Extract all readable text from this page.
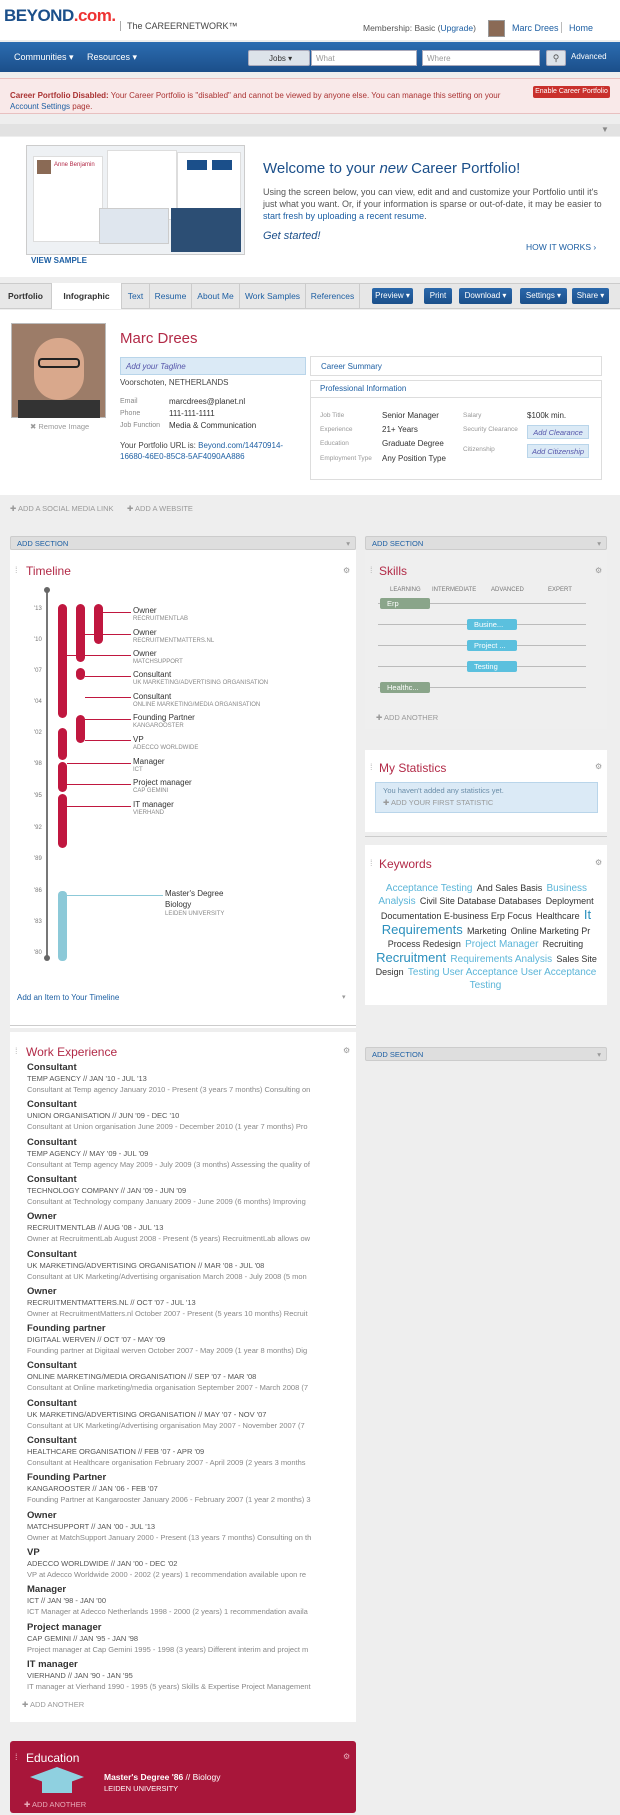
BEYOND.com.
The CAREERNETWORK™	Membership: Basic (Upgrade)	Marc Drees Home
Communities ▾ Resources ▾	Jobs ▾	What	Where	⚲	Advanced
Career Portfolio Disabled: Your Career Portfolio is "disabled" and cannot be viewed by anyone else. You can manage this setting on your Account Settings page.
Enable Career Portfolio
▼
Anne Benjamin
VIEW SAMPLE
Welcome to your new Career Portfolio!
Using the screen below, you can view, edit and and customize your Portfolio until it's just what you want. Or, if your information is sparse or out-of-date, it may be easier to start fresh by uploading a recent resume.
Get started!
HOW IT WORKS ›
Portfolio	Infographic	Text	Resume	About Me	Work Samples	References	Preview ▾	Print	Download ▾	Settings ▾	Share ▾
✖ Remove Image
Marc Drees
Add your Tagline
Voorschoten, NETHERLANDS
Email	marcdrees@planet.nl
Phone	111-111-1111
Job Function Media & Communication
Your Portfolio URL is: Beyond.com/14470914-16680-46E0-85C8-5AF4090AA886
Career Summary
Professional Information
Job Title	Senior Manager
Experience	21+ Years
Education	Graduate Degree
Employment Type Any Position Type
Salary	$100k min.
Security Clearance	Add Clearance
Citizenship	Add Citizenship
✚ ADD A SOCIAL MEDIA LINK ✚ ADD A WEBSITE
ADD SECTION	▾	ADD SECTION	▾
⁞ Timeline	⚙
'13
'10
'07
'04
'02
'98
'95
'92
'89
'86
'83
'80
Owner
RECRUITMENTLAB
Owner
RECRUITMENTMATTERS.NL
Owner
MATCHSUPPORT
Consultant
UK MARKETING/ADVERTISING ORGANISATION
Consultant
ONLINE MARKETING/MEDIA ORGANISATION
Founding Partner
KANGAROOSTER
VP
ADECCO WORLDWIDE
Manager
ICT
Project manager
CAP GEMINI
IT manager
VIERHAND
Master's Degree
Biology
LEIDEN UNIVERSITY
Add an Item to Your Timeline	▾
⁞ Skills	⚙
LEARNING INTERMEDIATE ADVANCED	EXPERT
Erp
Busine...
Project ...
Testing
Healthc...
✚ ADD ANOTHER
⁞ My Statistics	⚙
You haven't added any statistics yet.
✚ ADD YOUR FIRST STATISTIC
⁞ Keywords	⚙
Acceptance Testing And Sales Basis Business Analysis Civil Site Database Databases Deployment Documentation E-business Erp Focus Healthcare It Requirements Marketing Online Marketing Pr Process Redesign Project Manager Recruiting Recruitment Requirements Analysis Sales Site Design Testing User Acceptance User Acceptance Testing
ADD SECTION	▾
⁞ Work Experience	⚙
✚ ADD ANOTHER
⁞ Education	⚙
Master's Degree '86 // Biology
LEIDEN UNIVERSITY
✚ ADD ANOTHER
Consultant
TEMP AGENCY // JAN '10 - JUL '13
Consultant at Temp agency January 2010 - Present (3 years 7 months) Consulting on
Consultant
UNION ORGANISATION // JUN '09 - DEC '10
Consultant at Union organisation June 2009 - December 2010 (1 year 7 months) Pro
Consultant
TEMP AGENCY // MAY '09 - JUL '09
Consultant at Temp agency May 2009 - July 2009 (3 months) Assessing the quality of
Consultant
TECHNOLOGY COMPANY // JAN '09 - JUN '09
Consultant at Technology company January 2009 - June 2009 (6 months) Improving
Owner
RECRUITMENTLAB // AUG '08 - JUL '13
Owner at RecruitmentLab August 2008 - Present (5 years) RecruitmentLab allows ow
Consultant
UK MARKETING/ADVERTISING ORGANISATION // MAR '08 - JUL '08
Consultant at UK Marketing/Advertising organisation March 2008 - July 2008 (5 mon
Owner
RECRUITMENTMATTERS.NL // OCT '07 - JUL '13
Owner at RecruitmentMatters.nl October 2007 - Present (5 years 10 months) Recruit
Founding partner
DIGITAAL WERVEN // OCT '07 - MAY '09
Founding partner at Digitaal werven October 2007 - May 2009 (1 year 8 months) Dig
Consultant
ONLINE MARKETING/MEDIA ORGANISATION // SEP '07 - MAR '08
Consultant at Online marketing/media organisation September 2007 - March 2008 (7
Consultant
UK MARKETING/ADVERTISING ORGANISATION // MAY '07 - NOV '07
Consultant at UK Marketing/Advertising organisation May 2007 - November 2007 (7
Consultant
HEALTHCARE ORGANISATION // FEB '07 - APR '09
Consultant at Healthcare organisation February 2007 - April 2009 (2 years 3 months
Founding Partner
KANGAROOSTER // JAN '06 - FEB '07
Founding Partner at Kangarooster January 2006 - February 2007 (1 year 2 months) 3
Owner
MATCHSUPPORT // JAN '00 - JUL '13
Owner at MatchSupport January 2000 - Present (13 years 7 months) Consulting on th
VP
ADECCO WORLDWIDE // JAN '00 - DEC '02
VP at Adecco Worldwide 2000 - 2002 (2 years) 1 recommendation available upon re
Manager
ICT // JAN '98 - JAN '00
ICT Manager at Adecco Netherlands 1998 - 2000 (2 years) 1 recommendation availa
Project manager
CAP GEMINI // JAN '95 - JAN '98
Project manager at Cap Gemini 1995 - 1998 (3 years) Different interim and project m
IT manager
VIERHAND // JAN '90 - JAN '95
IT manager at Vierhand 1990 - 1995 (5 years) Skills & Expertise Project Management
